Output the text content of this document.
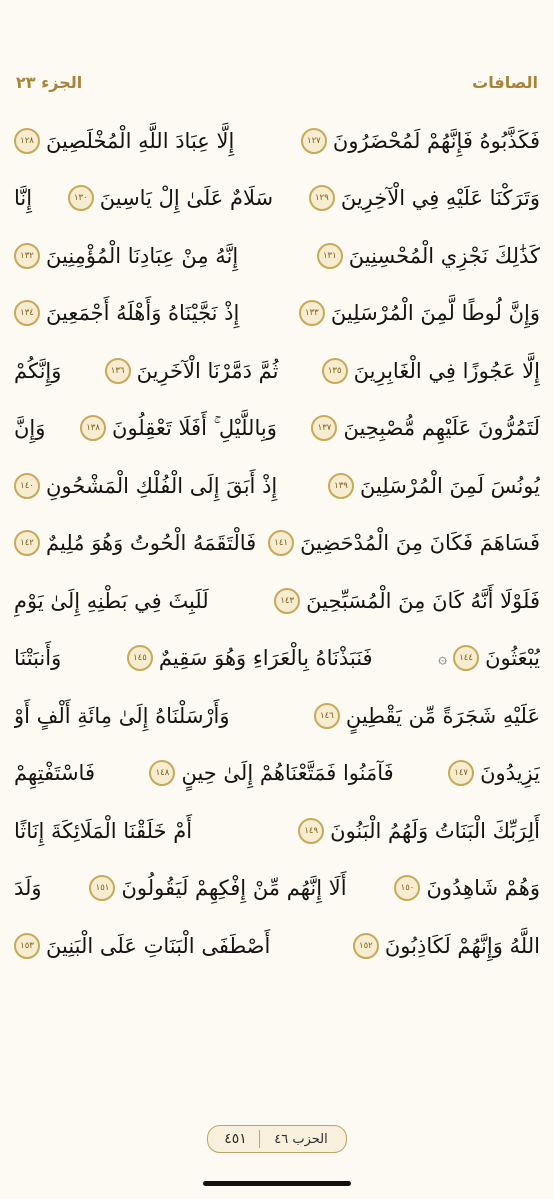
الجزء ٢٣	الصافات
فَكَذَّبُوهُ فَإِنَّهُمْ لَمُحْضَرُونَ
١٢٧
إِلَّا عِبَادَ اللَّهِ الْمُخْلَصِينَ
١٢٨
وَتَرَكْنَا عَلَيْهِ فِي الْآخِرِينَ
١٢٩
سَلَامٌ عَلَىٰ إِلْ يَاسِينَ
١٣٠
إِنَّا
كَذَٰلِكَ نَجْزِي الْمُحْسِنِينَ
١٣١
إِنَّهُ مِنْ عِبَادِنَا الْمُؤْمِنِينَ
١٣٢
وَإِنَّ لُوطًا لَّمِنَ الْمُرْسَلِينَ
١٣٣
إِذْ نَجَّيْنَاهُ وَأَهْلَهُ أَجْمَعِينَ
١٣٤
إِلَّا عَجُوزًا فِي الْغَابِرِينَ
١٣٥
ثُمَّ دَمَّرْنَا الْآخَرِينَ
١٣٦
وَإِنَّكُمْ
لَتَمُرُّونَ عَلَيْهِم مُّصْبِحِينَ
١٣٧
وَبِاللَّيْلِ ۚ أَفَلَا تَعْقِلُونَ
١٣٨
وَإِنَّ
يُونُسَ لَمِنَ الْمُرْسَلِينَ
١٣٩
إِذْ أَبَقَ إِلَى الْفُلْكِ الْمَشْحُونِ
١٤٠
فَسَاهَمَ فَكَانَ مِنَ الْمُدْحَضِينَ
١٤١
فَالْتَقَمَهُ الْحُوتُ وَهُوَ مُلِيمٌ
١٤٢
فَلَوْلَا أَنَّهُ كَانَ مِنَ الْمُسَبِّحِينَ
١٤٣
لَلَبِثَ فِي بَطْنِهِ إِلَىٰ يَوْمِ
يُبْعَثُونَ
١٤٤
۞
فَنَبَذْنَاهُ بِالْعَرَاءِ وَهُوَ سَقِيمٌ
١٤٥
وَأَنبَتْنَا
عَلَيْهِ شَجَرَةً مِّن يَقْطِينٍ
١٤٦
وَأَرْسَلْنَاهُ إِلَىٰ مِائَةِ أَلْفٍ أَوْ
يَزِيدُونَ
١٤٧
فَآمَنُوا فَمَتَّعْنَاهُمْ إِلَىٰ حِينٍ
١٤٨
فَاسْتَفْتِهِمْ
أَلِرَبِّكَ الْبَنَاتُ وَلَهُمُ الْبَنُونَ
١٤٩
أَمْ خَلَقْنَا الْمَلَائِكَةَ إِنَاثًا
وَهُمْ شَاهِدُونَ
١٥٠
أَلَا إِنَّهُم مِّنْ إِفْكِهِمْ لَيَقُولُونَ
١٥١
وَلَدَ
اللَّهُ وَإِنَّهُمْ لَكَاذِبُونَ
١٥٢
أَصْطَفَى الْبَنَاتِ عَلَى الْبَنِينَ
١٥٣
٤٥١	الحزب ٤٦
